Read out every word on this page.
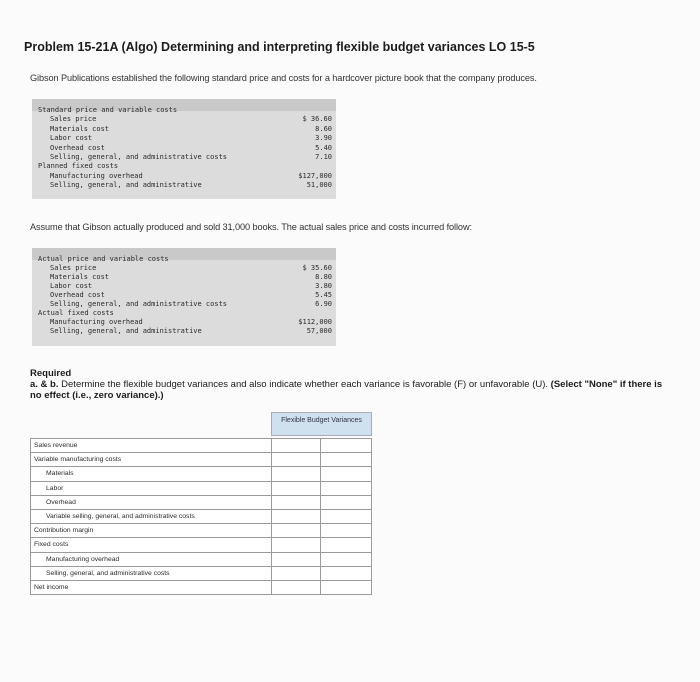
Problem 15-21A (Algo) Determining and interpreting flexible budget variances LO 15-5
Gibson Publications established the following standard price and costs for a hardcover picture book that the company produces.
Standard price and variable costs
Sales price	$ 36.60
Materials cost	8.60
Labor cost	3.90
Overhead cost	5.40
Selling, general, and administrative costs	7.10
Planned fixed costs
Manufacturing overhead	$127,000
Selling, general, and administrative	51,000
Assume that Gibson actually produced and sold 31,000 books. The actual sales price and costs incurred follow:
Actual price and variable costs
Sales price	$ 35.60
Materials cost	8.80
Labor cost	3.80
Overhead cost	5.45
Selling, general, and administrative costs	6.90
Actual fixed costs
Manufacturing overhead	$112,000
Selling, general, and administrative	57,000
Required
a. & b. Determine the flexible budget variances and also indicate whether each variance is favorable (F) or unfavorable (U). (Select "None" if there is no effect (i.e., zero variance).)
Flexible Budget Variances
Sales revenue		
Variable manufacturing costs		
Materials		
Labor		
Overhead		
Variable selling, general, and administrative costs		
Contribution margin		
Fixed costs		
Manufacturing overhead		
Selling, general, and administrative costs		
Net income		
